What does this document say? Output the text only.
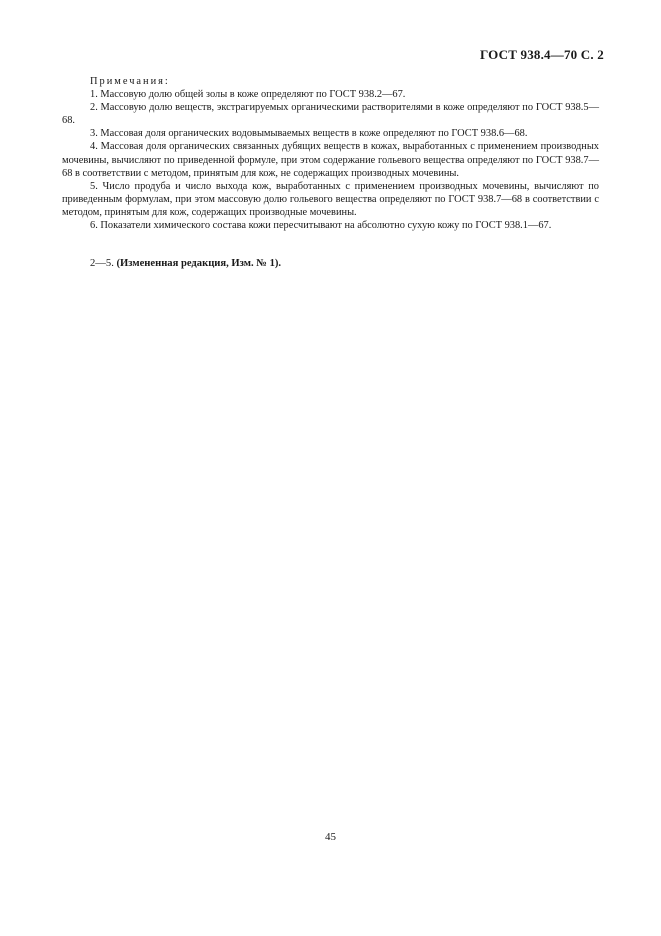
ГОСТ 938.4—70 С. 2
Примечания:

1. Массовую долю общей золы в коже определяют по ГОСТ 938.2—67.

2. Массовую долю веществ, экстрагируемых органическими растворителями в коже определяют по ГОСТ 938.5—68.

3. Массовая доля органических водовымываемых веществ в коже определяют по ГОСТ 938.6—68.

4. Массовая доля органических связанных дубящих веществ в кожах, выработанных с применением производных мочевины, вычисляют по приведенной формуле, при этом содержание гольевого вещества определяют по ГОСТ 938.7—68 в соответствии с методом, принятым для кож, не содержащих производных мочевины.

5. Число продуба и число выхода кож, выработанных с применением производных мочевины, вычисляют по приведенным формулам, при этом массовую долю гольевого вещества определяют по ГОСТ 938.7—68 в соответствии с методом, принятым для кож, содержащих производные мочевины.

6. Показатели химического состава кожи пересчитывают на абсолютно сухую кожу по ГОСТ 938.1—67.

2—5. (Измененная редакция, Изм. № 1).
45
